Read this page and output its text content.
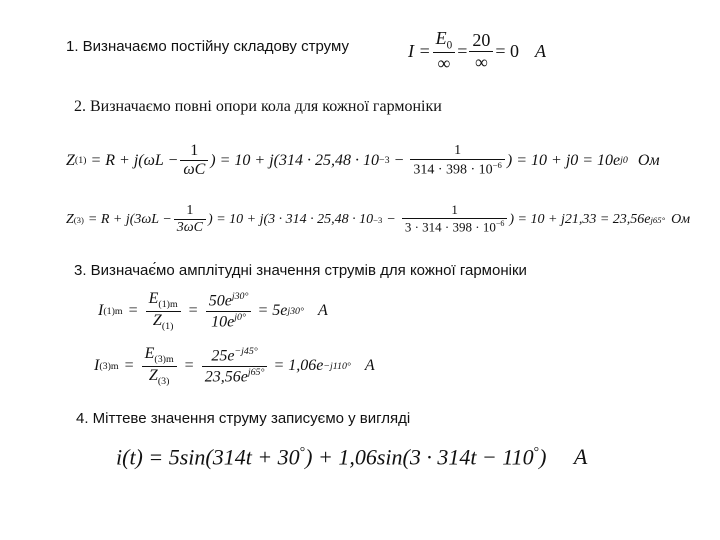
1. Визначаємо постійну складову струму	$I = \frac{E_0}{\infty} = \frac{20}{\infty} = 0$ A
2. Визначаємо повні опори кола для кожної гармоніки
Z $(1) = R + j(\omega L - \frac{1}{\omega C}$ ) = $10 + j(314 \cdot 25,48 \cdot 10 -3 - \frac{1}{314 \cdot 398 \cdot 10^{-6}}$ ) = 10 + j0 = 10e j0 Ом
Z $(3) = R + j(3\omega L - \frac{1}{3\omega C}$ ) = $10 + j(3 \cdot 314 \cdot 25,48 \cdot 10 -3 - \frac{1}{3 \cdot 314 \cdot 398 \cdot 10^{-6}}$ ) = 10 + j21,33 = 23,56e j65° Ом
3. Визначає́мо амплітудні значення струмів для кожної гармоніки
I $(1)m = \frac{E_{(1)m}}{Z_{(1)}} = \frac{50e^{j30^\circ}}{10e^{j0^\circ}} = 5e$ j30° A
I $(3)m = \frac{E_{(3)m}}{Z_{(3)}} = \frac{25e^{-j45^\circ}}{23,56e^{j65^\circ}} = 1,06e -j110^\circ$ A
4. Міттеве значення струму записуємо у вигляді
i(t) = 5sin(314t + 30°) + 1,06sin(3 · 314t − 110°) A
